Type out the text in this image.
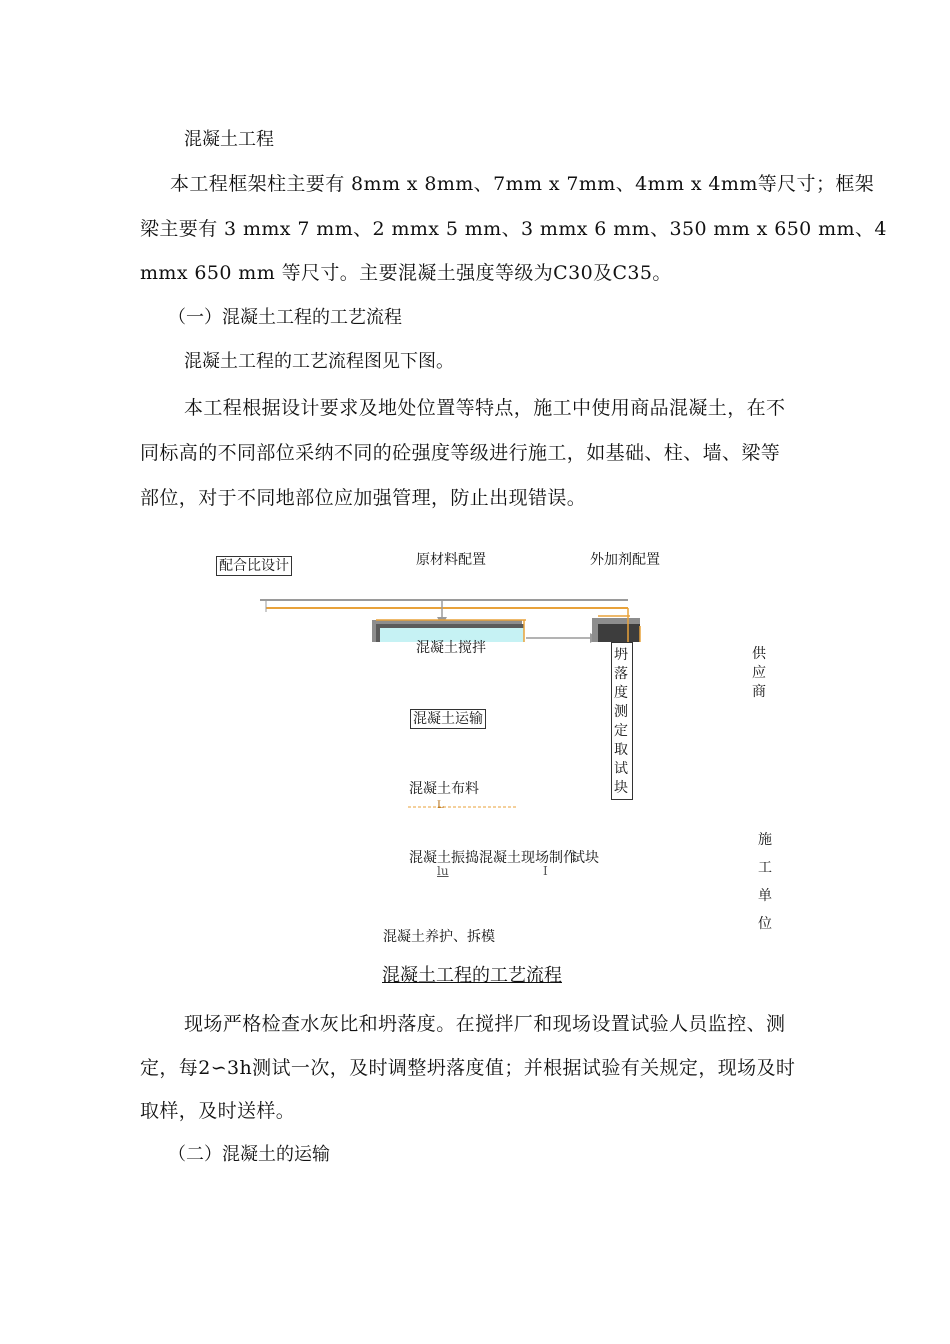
混凝土工程
本工程框架柱主要有 8mm x 8mm、7mm x 7mm、4mm x 4mm等尺寸；框架
梁主要有 3 mmx 7 mm、2 mmx 5 mm、3 mmx 6 mm、350 mm x 650 mm、4
mmx 650 mm 等尺寸。主要混凝土强度等级为C30及C35。
（一）混凝土工程的工艺流程
混凝土工程的工艺流程图见下图。
本工程根据设计要求及地处位置等特点，施工中使用商品混凝土，在不
同标高的不同部位采纳不同的砼强度等级进行施工，如基础、柱、墙、梁等
部位，对于不同地部位应加强管理，防止出现错误。
配合比设计	原材料配置	外加剂配置
混凝土搅拌	坍落度测定取试块
供应商
混凝土运输
混凝土布料
L
混凝土振捣混凝土现场制作
试块
lu	I
施工单位
混凝土养护、拆模
混凝土工程的工艺流程
现场严格检查水灰比和坍落度。在搅拌厂和现场设置试验人员监控、测
定，每2∽3h测试一次，及时调整坍落度值；并根据试验有关规定，现场及时
取样，及时送样。
（二）混凝土的运输
